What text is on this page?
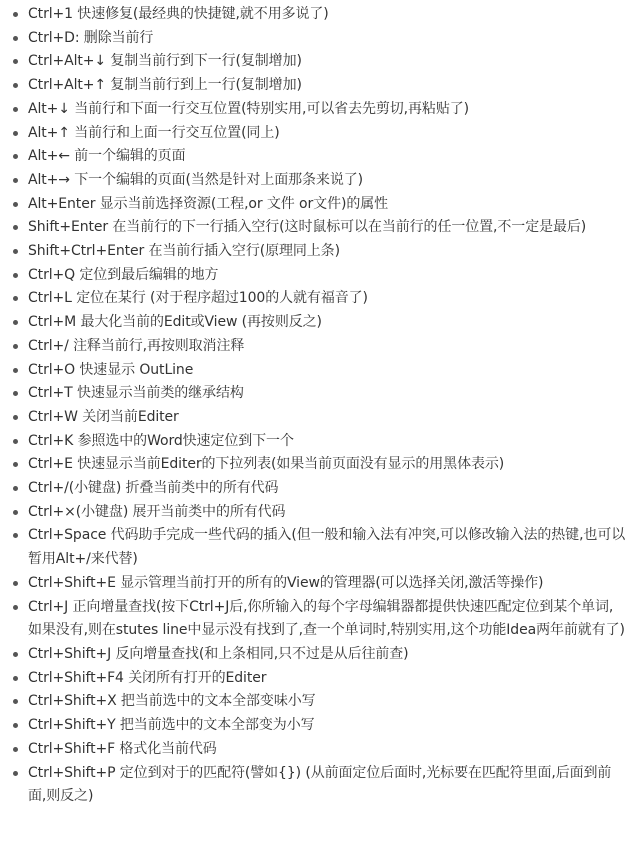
Ctrl+1 快速修复(最经典的快捷键,就不用多说了)
Ctrl+D: 删除当前行
Ctrl+Alt+↓ 复制当前行到下一行(复制增加)
Ctrl+Alt+↑ 复制当前行到上一行(复制增加)
Alt+↓ 当前行和下面一行交互位置(特别实用,可以省去先剪切,再粘贴了)
Alt+↑ 当前行和上面一行交互位置(同上)
Alt+← 前一个编辑的页面
Alt+→ 下一个编辑的页面(当然是针对上面那条来说了)
Alt+Enter 显示当前选择资源(工程,or 文件 or文件)的属性
Shift+Enter 在当前行的下一行插入空行(这时鼠标可以在当前行的任一位置,不一定是最后)
Shift+Ctrl+Enter 在当前行插入空行(原理同上条)
Ctrl+Q 定位到最后编辑的地方
Ctrl+L 定位在某行 (对于程序超过100的人就有福音了)
Ctrl+M 最大化当前的Edit或View (再按则反之)
Ctrl+/ 注释当前行,再按则取消注释
Ctrl+O 快速显示 OutLine
Ctrl+T 快速显示当前类的继承结构
Ctrl+W 关闭当前Editer
Ctrl+K 参照选中的Word快速定位到下一个
Ctrl+E 快速显示当前Editer的下拉列表(如果当前页面没有显示的用黑体表示)
Ctrl+/(小键盘) 折叠当前类中的所有代码
Ctrl+×(小键盘) 展开当前类中的所有代码
Ctrl+Space 代码助手完成一些代码的插入(但一般和输入法有冲突,可以修改输入法的热键,也可以暂用Alt+/来代替)
Ctrl+Shift+E 显示管理当前打开的所有的View的管理器(可以选择关闭,激活等操作)
Ctrl+J 正向增量查找(按下Ctrl+J后,你所输入的每个字母编辑器都提供快速匹配定位到某个单词,如果没有,则在stutes line中显示没有找到了,查一个单词时,特别实用,这个功能Idea两年前就有了)
Ctrl+Shift+J 反向增量查找(和上条相同,只不过是从后往前查)
Ctrl+Shift+F4 关闭所有打开的Editer
Ctrl+Shift+X 把当前选中的文本全部变味小写
Ctrl+Shift+Y 把当前选中的文本全部变为小写
Ctrl+Shift+F 格式化当前代码
Ctrl+Shift+P 定位到对于的匹配符(譬如{}) (从前面定位后面时,光标要在匹配符里面,后面到前面,则反之)
